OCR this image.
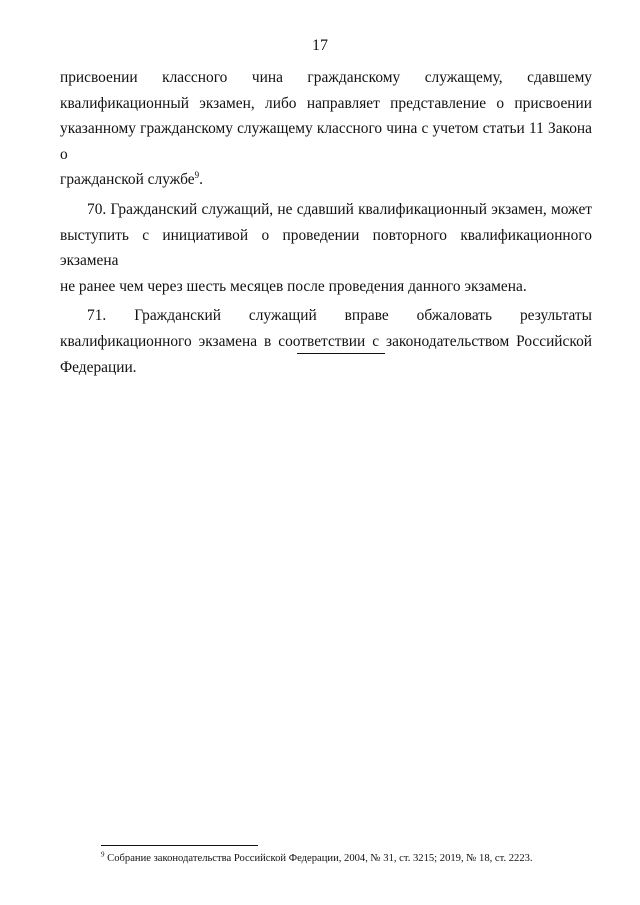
17
присвоении классного чина гражданскому служащему, сдавшему
квалификационный экзамен, либо направляет представление о присвоении
указанному гражданскому служащему классного чина с учетом статьи 11 Закона о
гражданской службе$^9$.
70. Гражданский служащий, не сдавший квалификационный экзамен, может
выступить с инициативой о проведении повторного квалификационного экзамена
не ранее чем через шесть месяцев после проведения данного экзамена.
71. Гражданский служащий вправе обжаловать результаты
квалификационного экзамена в соответствии с законодательством Российской
Федерации.
$^9$ Собрание законодательства Российской Федерации, 2004, № 31, ст. 3215; 2019, № 18, ст. 2223.
